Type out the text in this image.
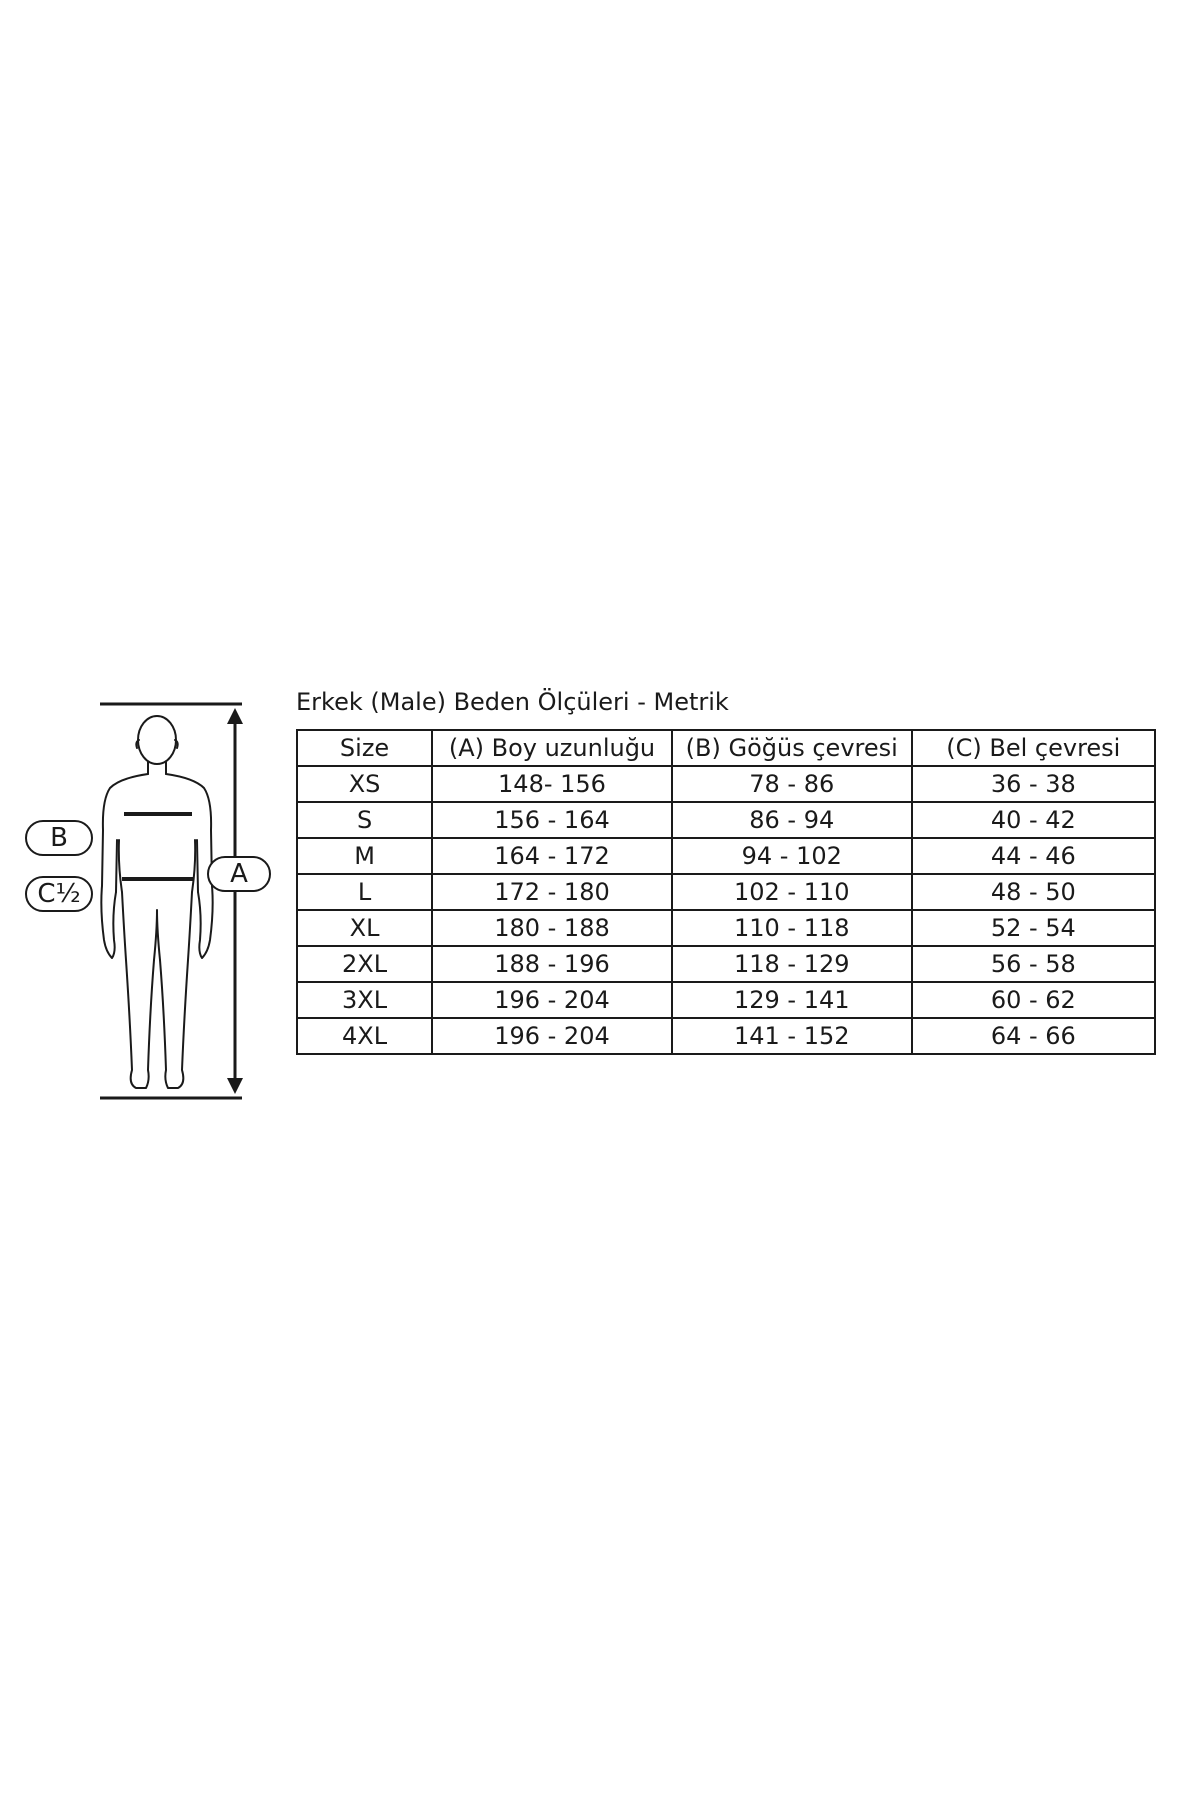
B
C½
A
Erkek (Male) Beden Ölçüleri - Metrik
Size	(A) Boy uzunluğu	(B) Göğüs çevresi	(C) Bel çevresi
XS	148- 156	78 - 86	36 - 38
S	156 - 164	86 - 94	40 - 42
M	164 - 172	94 - 102	44 - 46
L	172 - 180	102 - 110	48 - 50
XL	180 - 188	110 - 118	52 - 54
2XL	188 - 196	118 - 129	56 - 58
3XL	196 - 204	129 - 141	60 - 62
4XL	196 - 204	141 - 152	64 - 66
